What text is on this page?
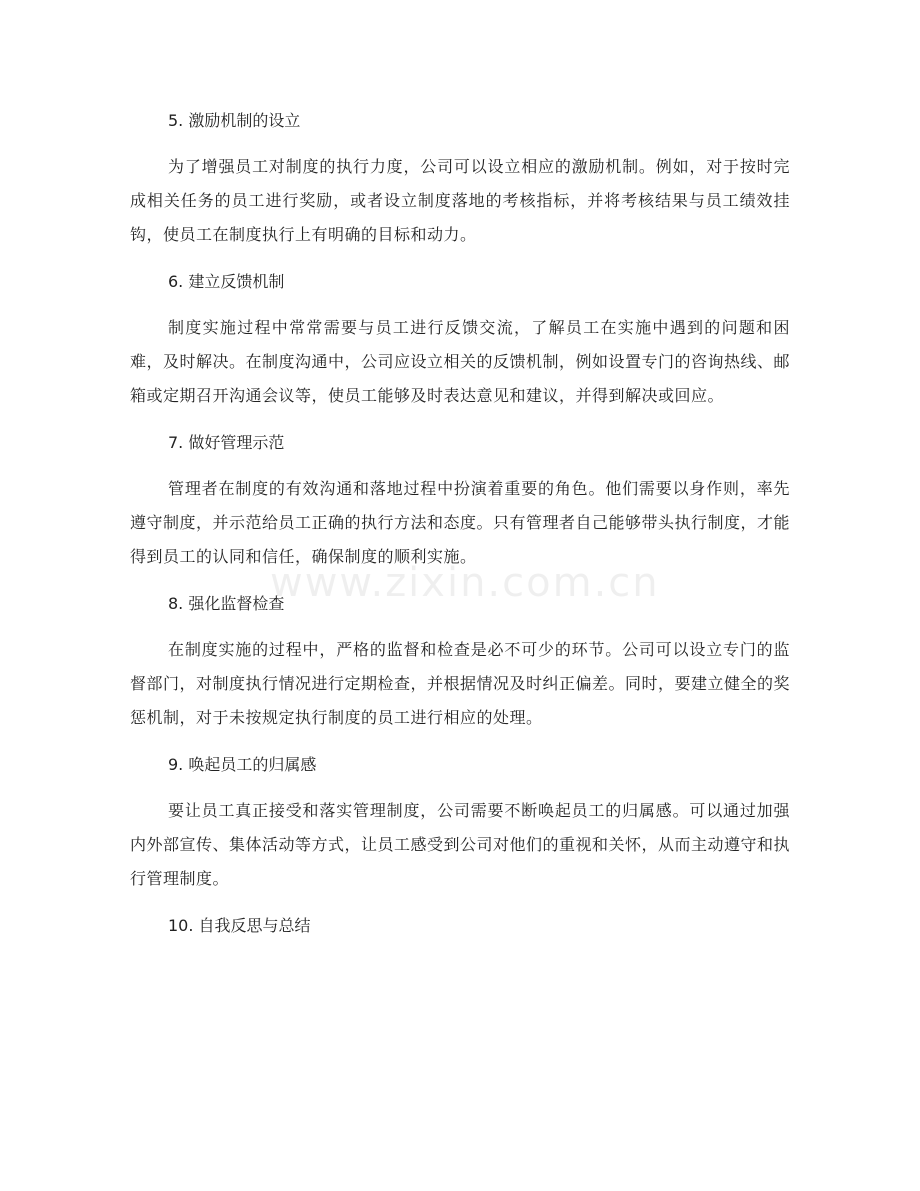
www.zixin.com.cn
5. 激励机制的设立
为了增强员工对制度的执行力度，公司可以设立相应的激励机制。例如，对于按时完成相关任务的员工进行奖励，或者设立制度落地的考核指标，并将考核结果与员工绩效挂钩，使员工在制度执行上有明确的目标和动力。
6. 建立反馈机制
制度实施过程中常常需要与员工进行反馈交流，了解员工在实施中遇到的问题和困难，及时解决。在制度沟通中，公司应设立相关的反馈机制，例如设置专门的咨询热线、邮箱或定期召开沟通会议等，使员工能够及时表达意见和建议，并得到解决或回应。
7. 做好管理示范
管理者在制度的有效沟通和落地过程中扮演着重要的角色。他们需要以身作则，率先遵守制度，并示范给员工正确的执行方法和态度。只有管理者自己能够带头执行制度，才能得到员工的认同和信任，确保制度的顺利实施。
8. 强化监督检查
在制度实施的过程中，严格的监督和检查是必不可少的环节。公司可以设立专门的监督部门，对制度执行情况进行定期检查，并根据情况及时纠正偏差。同时，要建立健全的奖惩机制，对于未按规定执行制度的员工进行相应的处理。
9. 唤起员工的归属感
要让员工真正接受和落实管理制度，公司需要不断唤起员工的归属感。可以通过加强内外部宣传、集体活动等方式，让员工感受到公司对他们的重视和关怀，从而主动遵守和执行管理制度。
10. 自我反思与总结
